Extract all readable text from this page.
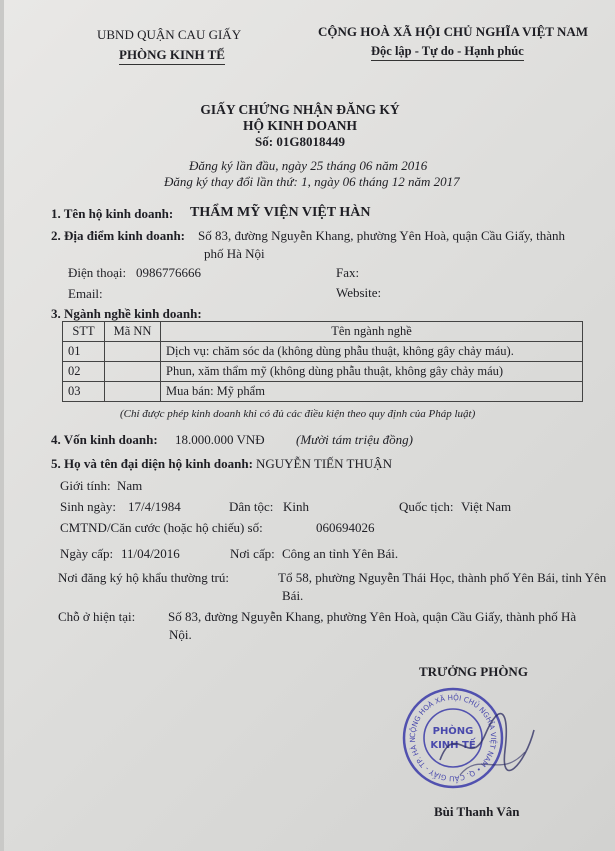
UBND QUẬN CAU GIẤY
PHÒNG KINH TẾ
CỘNG HOÀ XÃ HỘI CHỦ NGHĨA VIỆT NAM
Độc lập - Tự do - Hạnh phúc
GIẤY CHỨNG NHẬN ĐĂNG KÝ
HỘ KINH DOANH
Số: 01G8018449
Đăng ký lần đầu, ngày 25 tháng 06 năm 2016
Đăng ký thay đổi lần thứ: 1, ngày 06 tháng 12 năm 2017
1. Tên hộ kinh doanh: THẨM MỸ VIỆN VIỆT HÀN
2. Địa điểm kinh doanh: Số 83, đường Nguyễn Khang, phường Yên Hoà, quận Cầu Giấy, thành
phố Hà Nội
Điện thoại: 0986776666	Fax:
Email:	Website:
3. Ngành nghề kinh doanh:
STT	Mã NN	Tên ngành nghề
01		Dịch vụ: chăm sóc da (không dùng phẫu thuật, không gây chảy máu).
02		Phun, xăm thẩm mỹ (không dùng phẫu thuật, không gây chảy máu)
03		Mua bán: Mỹ phẩm
(Chỉ được phép kinh doanh khi có đủ các điều kiện theo quy định của Pháp luật)
4. Vốn kinh doanh: 18.000.000 VNĐ (Mười tám triệu đồng)
5. Họ và tên đại diện hộ kinh doanh: NGUYỄN TIẾN THUẬN
Giới tính: Nam
Sinh ngày: 17/4/1984	Dân tộc: Kinh	Quốc tịch: Việt Nam
CMTND/Căn cước (hoặc hộ chiếu) số:	060694026
Ngày cấp: 11/04/2016	Nơi cấp: Công an tỉnh Yên Bái.
Nơi đăng ký hộ khẩu thường trú:	Tổ 58, phường Nguyễn Thái Học, thành phố Yên Bái, tỉnh Yên
Bái.
Chỗ ở hiện tại:	Số 83, đường Nguyễn Khang, phường Yên Hoà, quận Cầu Giấy, thành phố Hà
Nội.
TRƯỞNG PHÒNG
CỘNG HOÀ XÃ HỘI CHỦ NGHĨA VIỆT NAM • Q. CẦU GIẤY - TP. HÀ N
PHÒNG
KINH TẾ
Bùi Thanh Vân
